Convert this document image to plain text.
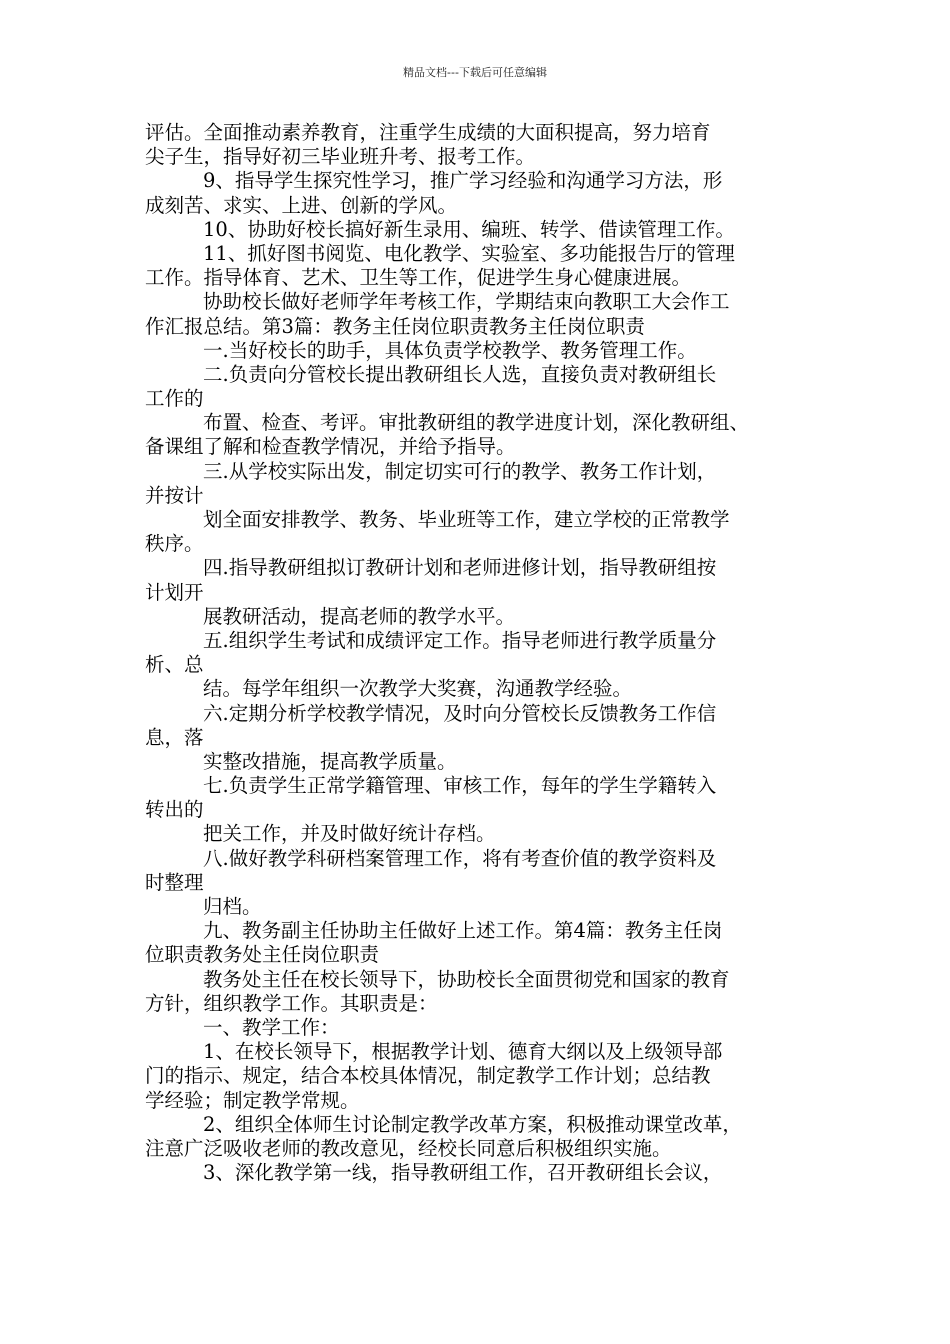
精品文档---下载后可任意编辑
评估。全面推动素养教育，注重学生成绩的大面积提高，努力培育
尖子生，指导好初三毕业班升考、报考工作。
9、指导学生探究性学习，推广学习经验和沟通学习方法，形
成刻苦、求实、上进、创新的学风。
10、协助好校长搞好新生录用、编班、转学、借读管理工作。
11、抓好图书阅览、电化教学、实验室、多功能报告厅的管理
工作。指导体育、艺术、卫生等工作，促进学生身心健康进展。
协助校长做好老师学年考核工作，学期结束向教职工大会作工
作汇报总结。第3篇：教务主任岗位职责教务主任岗位职责
一.当好校长的助手，具体负责学校教学、教务管理工作。
二.负责向分管校长提出教研组长人选，直接负责对教研组长
工作的
布置、检查、考评。审批教研组的教学进度计划，深化教研组、
备课组了解和检查教学情况，并给予指导。
三.从学校实际出发，制定切实可行的教学、教务工作计划，
并按计
划全面安排教学、教务、毕业班等工作，建立学校的正常教学
秩序。
四.指导教研组拟订教研计划和老师进修计划，指导教研组按
计划开
展教研活动，提高老师的教学水平。
五.组织学生考试和成绩评定工作。指导老师进行教学质量分
析、总
结。每学年组织一次教学大奖赛，沟通教学经验。
六.定期分析学校教学情况，及时向分管校长反馈教务工作信
息，落
实整改措施，提高教学质量。
七.负责学生正常学籍管理、审核工作，每年的学生学籍转入
转出的
把关工作，并及时做好统计存档。
八.做好教学科研档案管理工作，将有考查价值的教学资料及
时整理
归档。
九、教务副主任协助主任做好上述工作。第4篇：教务主任岗
位职责教务处主任岗位职责
教务处主任在校长领导下，协助校长全面贯彻党和国家的教育
方针，组织教学工作。其职责是：
一、教学工作：
1、在校长领导下，根据教学计划、德育大纲以及上级领导部
门的指示、规定，结合本校具体情况，制定教学工作计划；总结教
学经验；制定教学常规。
2、组织全体师生讨论制定教学改革方案，积极推动课堂改革，
注意广泛吸收老师的教改意见，经校长同意后积极组织实施。
3、深化教学第一线，指导教研组工作，召开教研组长会议，
